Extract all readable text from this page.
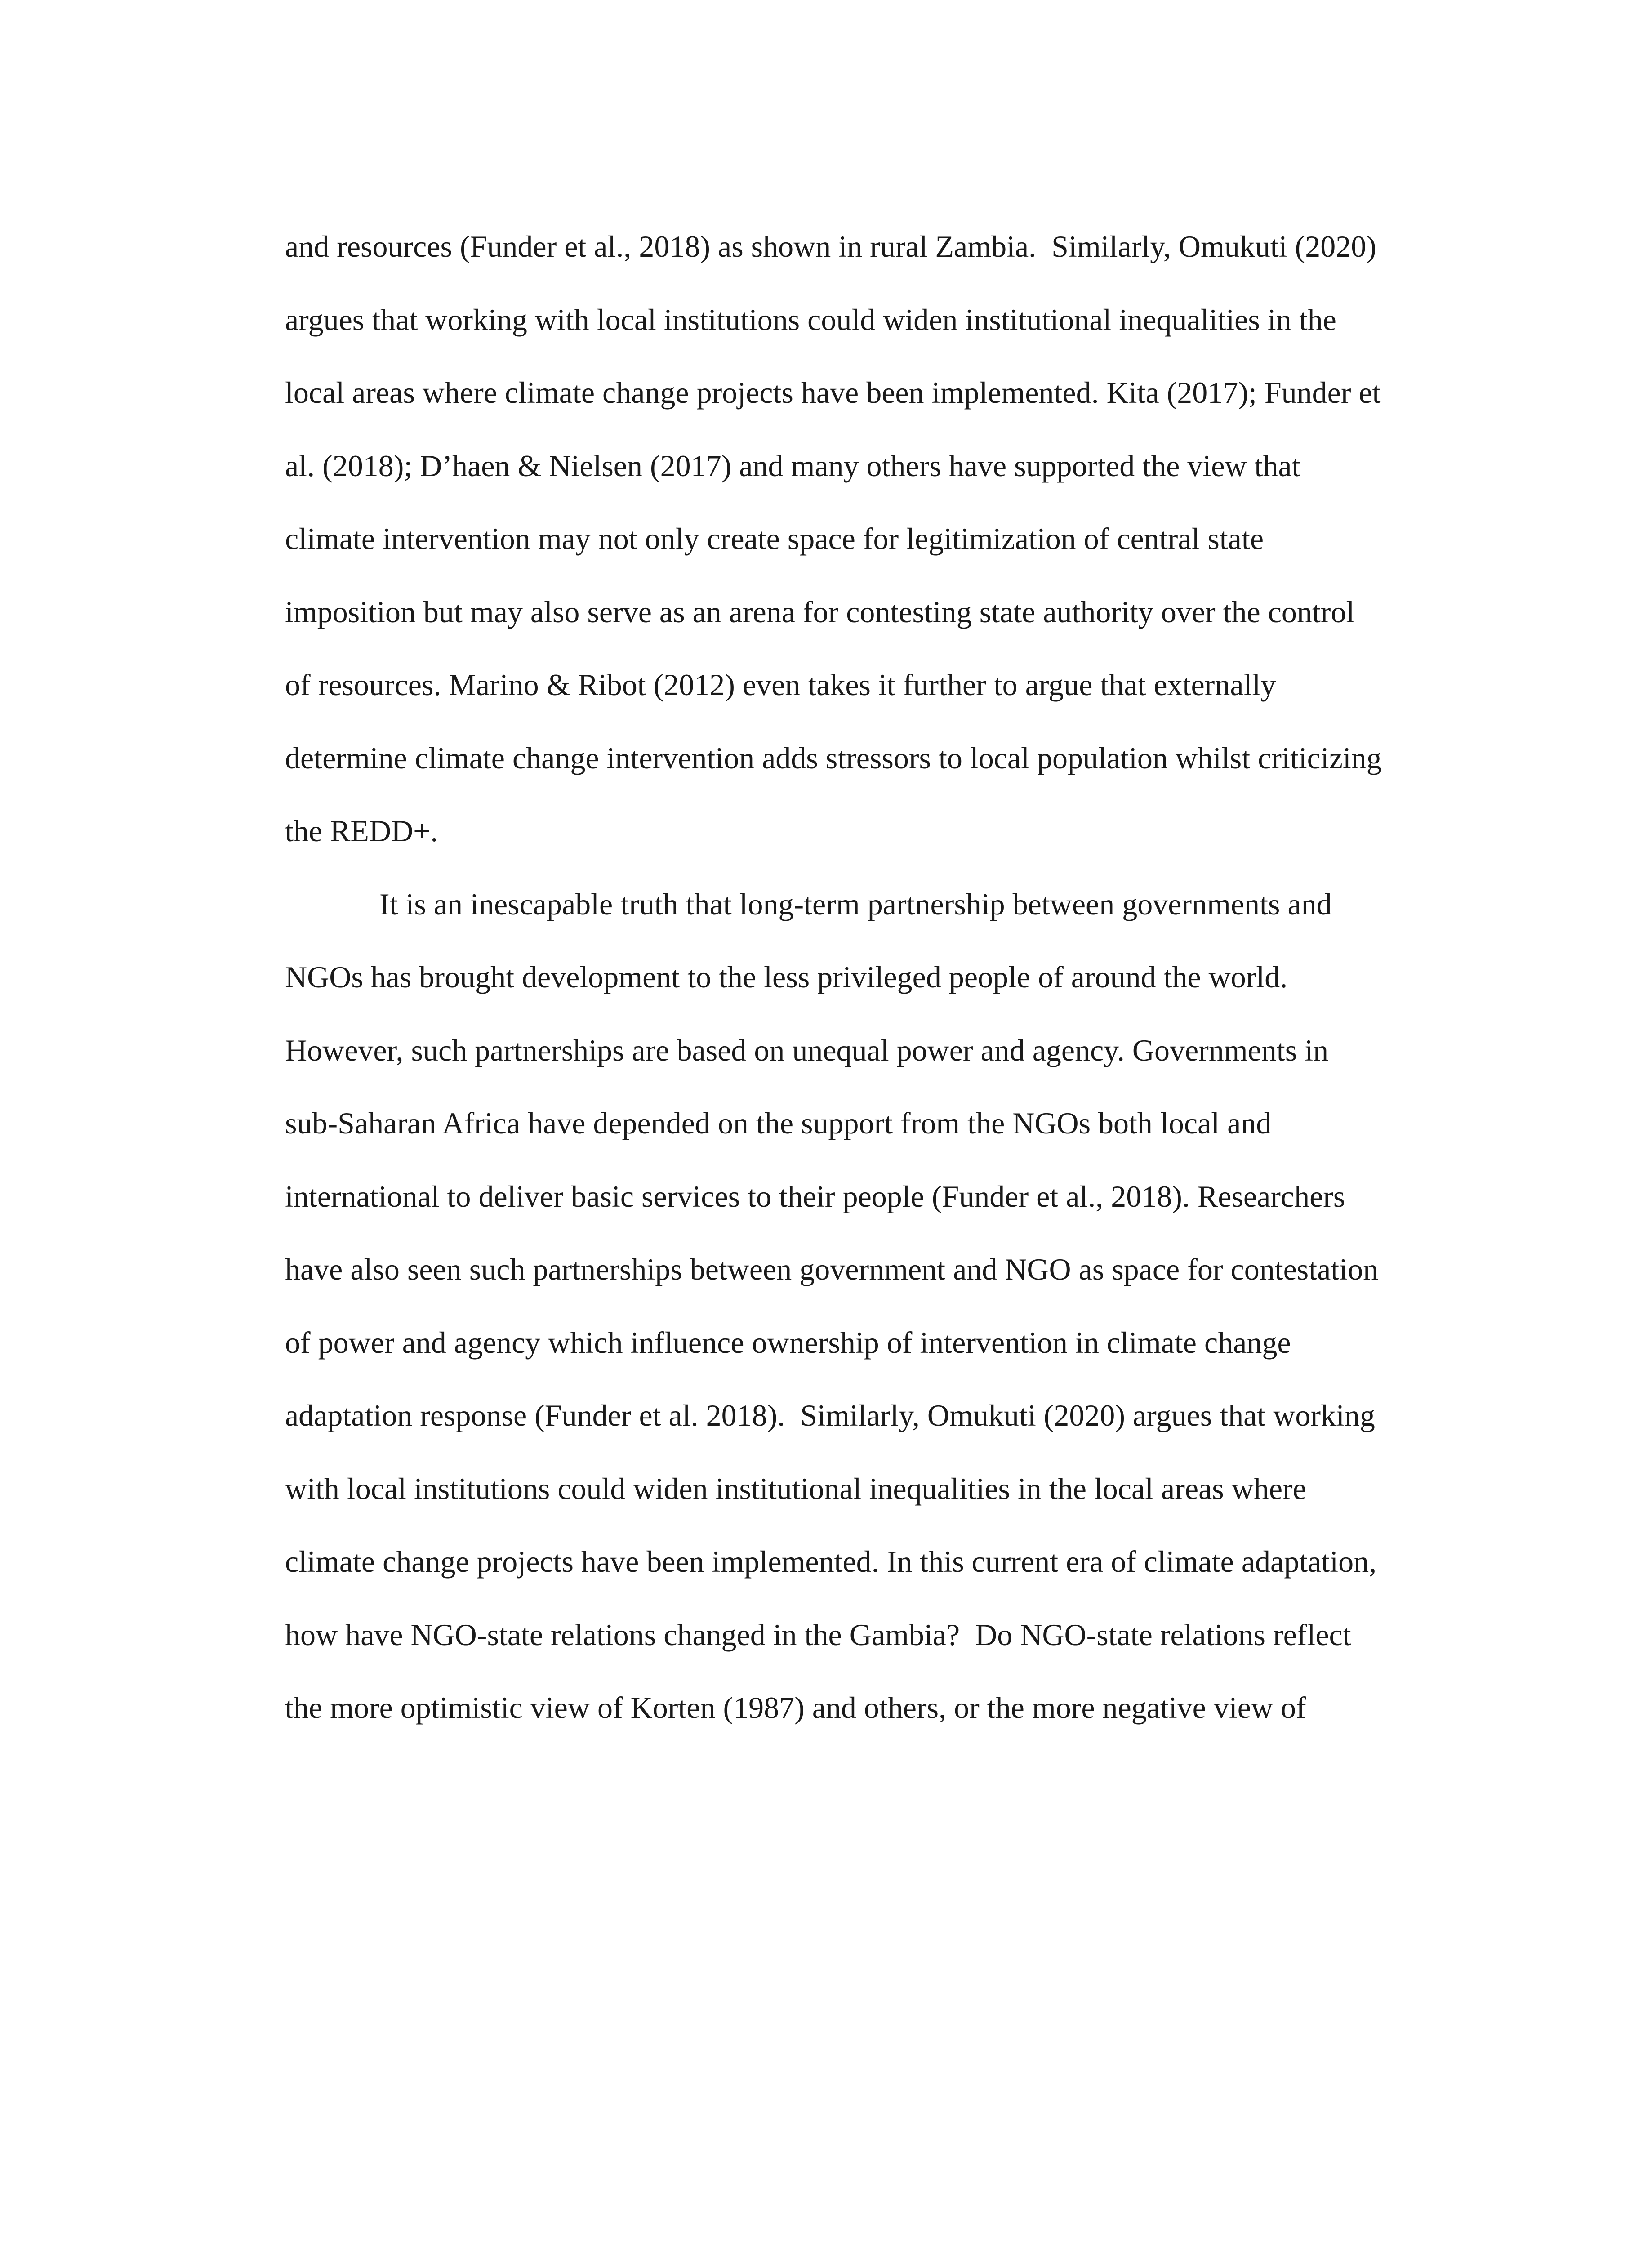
and resources (Funder et al., 2018) as shown in rural Zambia.  Similarly, Omukuti (2020)
argues that working with local institutions could widen institutional inequalities in the
local areas where climate change projects have been implemented. Kita (2017); Funder et
al. (2018); D’haen & Nielsen (2017) and many others have supported the view that
climate intervention may not only create space for legitimization of central state
imposition but may also serve as an arena for contesting state authority over the control
of resources. Marino & Ribot (2012) even takes it further to argue that externally
determine climate change intervention adds stressors to local population whilst criticizing
the REDD+.
It is an inescapable truth that long-term partnership between governments and
NGOs has brought development to the less privileged people of around the world.
However, such partnerships are based on unequal power and agency. Governments in
sub-Saharan Africa have depended on the support from the NGOs both local and
international to deliver basic services to their people (Funder et al., 2018). Researchers
have also seen such partnerships between government and NGO as space for contestation
of power and agency which influence ownership of intervention in climate change
adaptation response (Funder et al. 2018).  Similarly, Omukuti (2020) argues that working
with local institutions could widen institutional inequalities in the local areas where
climate change projects have been implemented. In this current era of climate adaptation,
how have NGO-state relations changed in the Gambia?  Do NGO-state relations reflect
the more optimistic view of Korten (1987) and others, or the more negative view of
